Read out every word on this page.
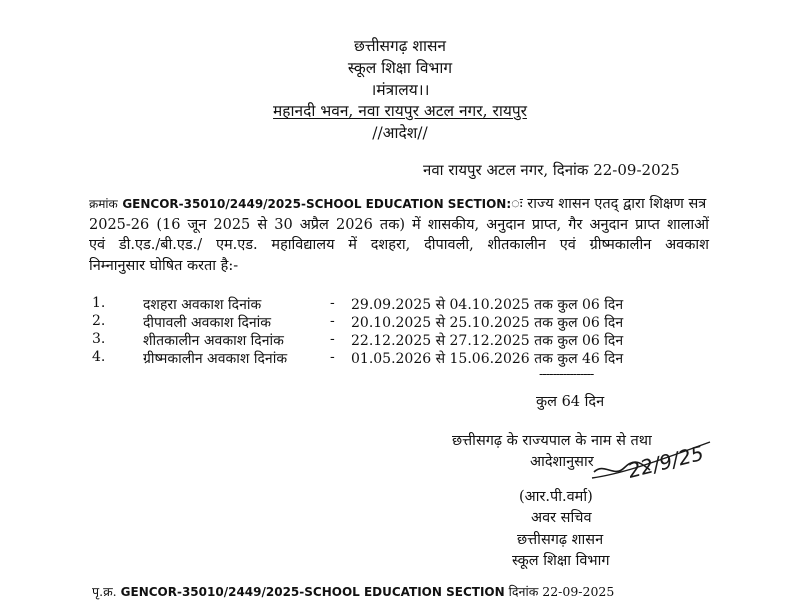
छत्तीसगढ़ शासन
स्कूल शिक्षा विभाग
।मंत्रालय।।
महानदी भवन, नवा रायपुर अटल नगर, रायपुर
//आदेश//
नवा रायपुर अटल नगर, दिनांक 22-09-2025
क्रमांक GENCOR-35010/2449/2025-SCHOOL EDUCATION SECTION:ः राज्य शासन एतद् द्वारा शिक्षण सत्र
2025-26 (16 जून 2025 से 30 अप्रैल 2026 तक) में शासकीय, अनुदान प्राप्त, गैर अनुदान प्राप्त शालाओं
एवं डी.एड./बी.एड./ एम.एड. महाविद्यालय में दशहरा, दीपावली, शीतकालीन एवं ग्रीष्मकालीन अवकाश
निम्नानुसार घोषित करता है:-
1.	दशहरा अवकाश दिनांक	- 29.09.2025 से 04.10.2025 तक कुल 06 दिन
2.	दीपावली अवकाश दिनांक	- 20.10.2025 से 25.10.2025 तक कुल 06 दिन
3.	शीतकालीन अवकाश दिनांक	- 22.12.2025 से 27.12.2025 तक कुल 06 दिन
4.	ग्रीष्मकालीन अवकाश दिनांक	- 01.05.2026 से 15.06.2026 तक कुल 46 दिन
----------------
कुल 64 दिन
छत्तीसगढ़ के राज्यपाल के नाम से तथा
आदेशानुसार 22/9/25
(आर.पी.वर्मा)
अवर सचिव
छत्तीसगढ़ शासन
स्कूल शिक्षा विभाग
पृ.क्र. GENCOR-35010/2449/2025-SCHOOL EDUCATION SECTION दिनांक 22-09-2025
